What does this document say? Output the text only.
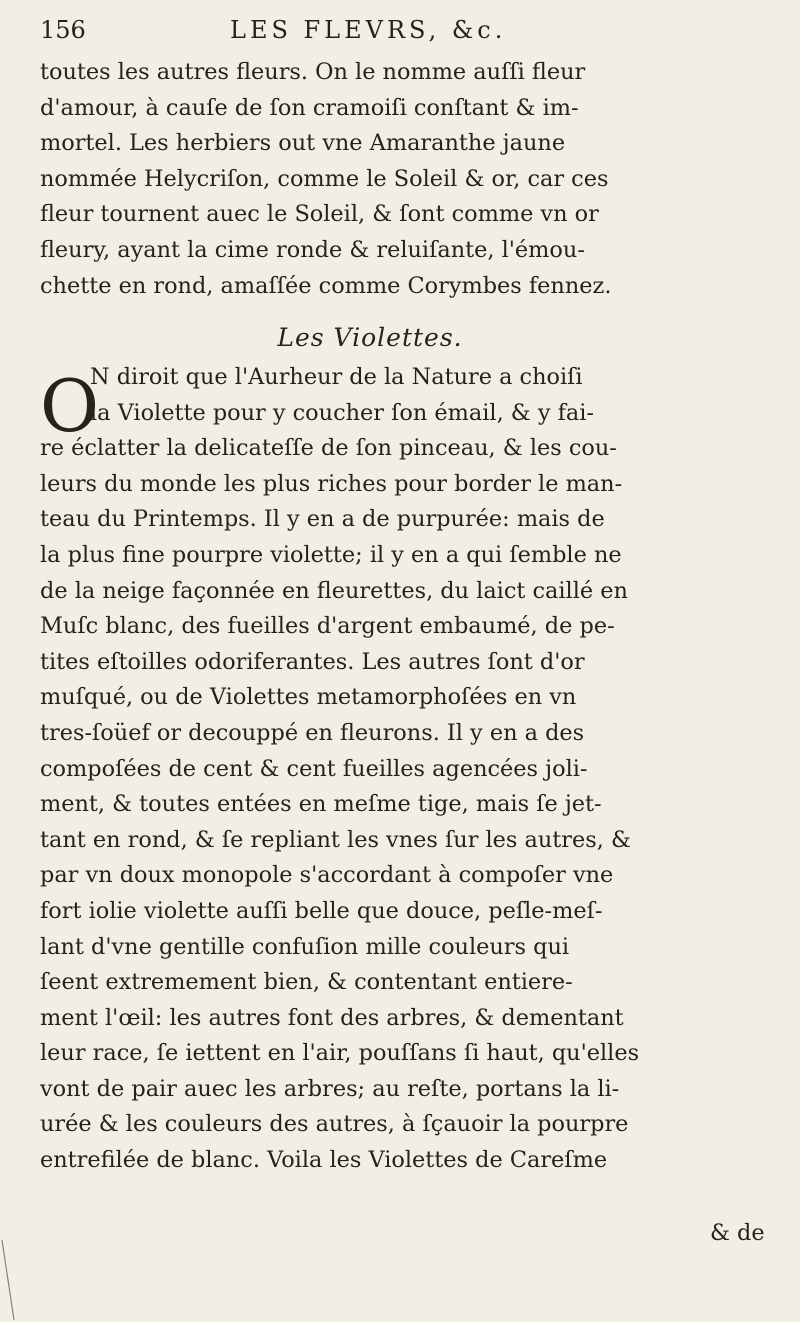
156	LES FLEVRS, &c.
toutes les autres fleurs. On le nomme auſſi fleur
d'amour, à cauſe de ſon cramoiſi conſtant & im-
mortel. Les herbiers out vne Amaranthe jaune
nommée Helycriſon, comme le Soleil & or, car ces
fleur tournent auec le Soleil, & ſont comme vn or
fleury, ayant la cime ronde & reluiſante, l'émou-
chette en rond, amaſſée comme Corymbes fennez.
Les Violettes.
O
N diroit que l'Aurheur de la Nature a choiſi
la Violette pour y coucher ſon émail, & y fai-
re éclatter la delicateſſe de ſon pinceau, & les cou-
leurs du monde les plus riches pour border le man-
teau du Printemps. Il y en a de purpurée: mais de
la plus fine pourpre violette; il y en a qui ſemble ne
de la neige façonnée en fleurettes, du laict caillé en
Muſc blanc, des fueilles d'argent embaumé, de pe-
tites eſtoilles odoriferantes. Les autres ſont d'or
muſqué, ou de Violettes metamorphoſées en vn
tres-ſoüef or decouppé en fleurons. Il y en a des
compoſées de cent & cent fueilles agencées joli-
ment, & toutes entées en meſme tige, mais ſe jet-
tant en rond, & ſe repliant les vnes ſur les autres, &
par vn doux monopole s'accordant à compoſer vne
fort iolie violette auſſi belle que douce, peſle-meſ-
lant d'vne gentille confuſion mille couleurs qui
ſeent extremement bien, & contentant entiere-
ment l'œil: les autres font des arbres, & dementant
leur race, ſe iettent en l'air, pouſſans ſi haut, qu'elles
vont de pair auec les arbres; au reſte, portans la li-
urée & les couleurs des autres, à ſçauoir la pourpre
entrefilée de blanc. Voila les Violettes de Careſme
& de
